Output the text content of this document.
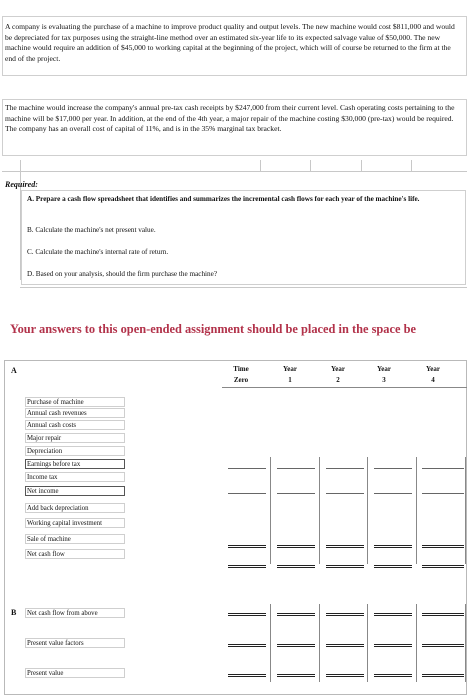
A company is evaluating the purchase of a machine to improve product quality and output levels. The new machine would cost $811,000 and would be depreciated for tax purposes using the straight-line method over an estimated six-year life to its expected salvage value of $50,000. The new machine would require an addition of $45,000 to working capital at the beginning of the project, which will of course be returned to the firm at the end of the project.

The machine would increase the company's annual pre-tax cash receipts by $247,000 from their current level. Cash operating costs pertaining to the machine will be $17,000 per year. In addition, at the end of the 4th year, a major repair of the machine costing $30,000 (pre-tax) would be required. The company has an overall cost of capital of 11%, and is in the 35% marginal tax bracket.

Required:
A. Prepare a cash flow spreadsheet that identifies and summarizes the incremental cash flows for each year of the machine's life.
B. Calculate the machine's net present value.
C. Calculate the machine's internal rate of return.
D. Based on your analysis, should the firm purchase the machine?
Your answers to this open-ended assignment should be placed in the space be
A
B
Time
Zero
Year
1
Year
2
Year
3
Year
4
Purchase of machine
Annual cash revenues
Annual cash costs
Major repair
Depreciation
Earnings before tax
Income tax
Net income
Add back depreciation
Working capital investment
Sale of machine
Net cash flow
Net cash flow from above
Present value factors
Present value
